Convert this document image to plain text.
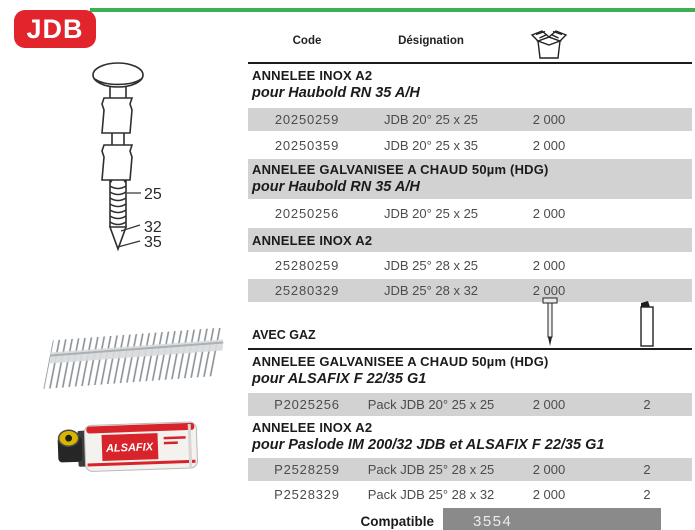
JDB
25
32
35
ALSAFIX
Code	Désignation
ANNELEE INOX A2
pour Haubold RN 35 A/H
20250259	JDB 20° 25 x 25	2 000
20250359	JDB 20° 25 x 35	2 000
ANNELEE GALVANISEE A CHAUD 50µm (HDG)
pour Haubold RN 35 A/H
20250256	JDB 20° 25 x 25	2 000
ANNELEE INOX A2
25280259	JDB 25° 28 x 25	2 000
25280329	JDB 25° 28 x 32	2 000
AVEC GAZ
ANNELEE GALVANISEE A CHAUD 50µm (HDG)
pour ALSAFIX F 22/35 G1
P2025256	Pack JDB 20° 25 x 25	2 000	2
ANNELEE INOX A2
pour Paslode IM 200/32 JDB et ALSAFIX F 22/35 G1
P2528259	Pack JDB 25° 28 x 25	2 000	2
P2528329	Pack JDB 25° 28 x 32	2 000	2
Compatible	3554
